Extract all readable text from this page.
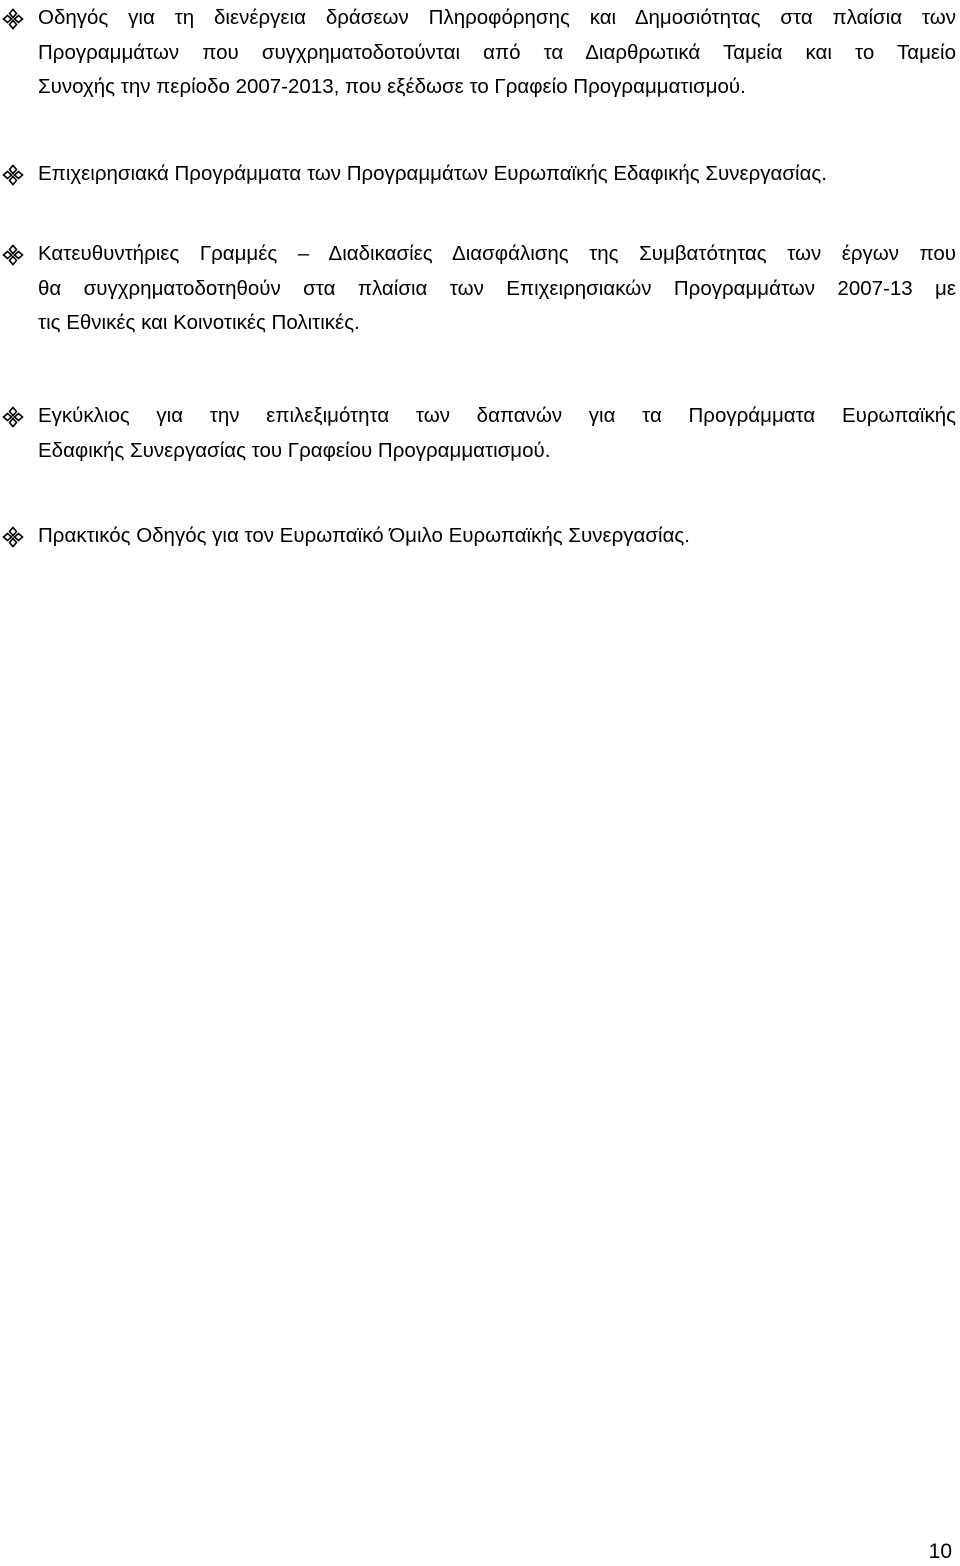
Οδηγός για τη διενέργεια δράσεων Πληροφόρησης και Δημοσιότητας στα πλαίσια των
Προγραμμάτων που συγχρηματοδοτούνται από τα Διαρθρωτικά Ταμεία και το Ταμείο
Συνοχής την περίοδο 2007-2013, που εξέδωσε το Γραφείο Προγραμματισμού.
Επιχειρησιακά Προγράμματα των Προγραμμάτων Ευρωπαϊκής Εδαφικής Συνεργασίας.
Κατευθυντήριες Γραμμές – Διαδικασίες Διασφάλισης της Συμβατότητας των έργων που
θα συγχρηματοδοτηθούν στα πλαίσια των Επιχειρησιακών Προγραμμάτων 2007-13 με
τις Εθνικές και Κοινοτικές Πολιτικές.
Εγκύκλιος για την επιλεξιμότητα των δαπανών για τα Προγράμματα Ευρωπαϊκής
Εδαφικής Συνεργασίας του Γραφείου Προγραμματισμού.
Πρακτικός Οδηγός για τον Ευρωπαϊκό Όμιλο Ευρωπαϊκής Συνεργασίας.
10
